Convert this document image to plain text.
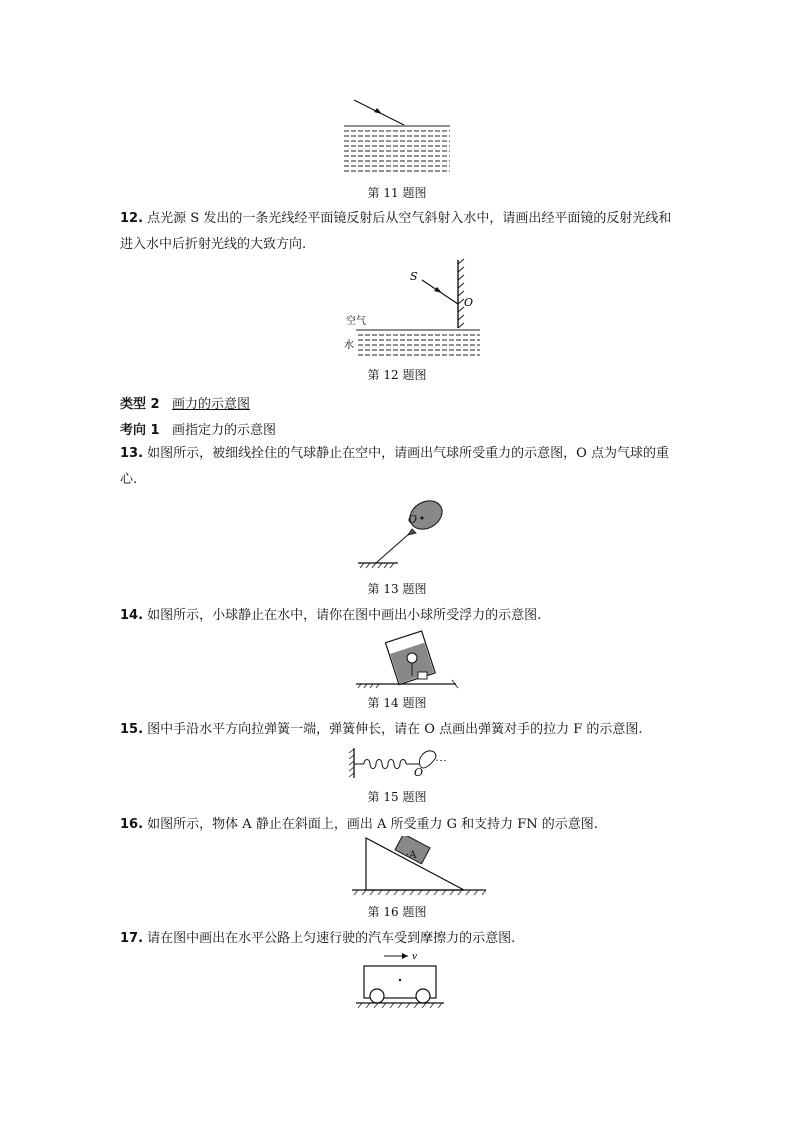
第 11 题图
12. 点光源 S 发出的一条光线经平面镜反射后从空气斜射入水中，请画出经平面镜的反射光线和进入水中后折射光线的大致方向.
S
O
空气
水
第 12 题图
类型 2 画力的示意图
考向 1 画指定力的示意图
13. 如图所示，被细线拴住的气球静止在空中，请画出气球所受重力的示意图，O 点为气球的重心.
O
第 13 题图
14. 如图所示，小球静止在水中，请你在图中画出小球所受浮力的示意图.
第 14 题图
15. 图中手沿水平方向拉弹簧一端，弹簧伸长，请在 O 点画出弹簧对手的拉力 F 的示意图.
O
第 15 题图
16. 如图所示，物体 A 静止在斜面上，画出 A 所受重力 G 和支持力 FN 的示意图.
·A
第 16 题图
17. 请在图中画出在水平公路上匀速行驶的汽车受到摩擦力的示意图.
v
